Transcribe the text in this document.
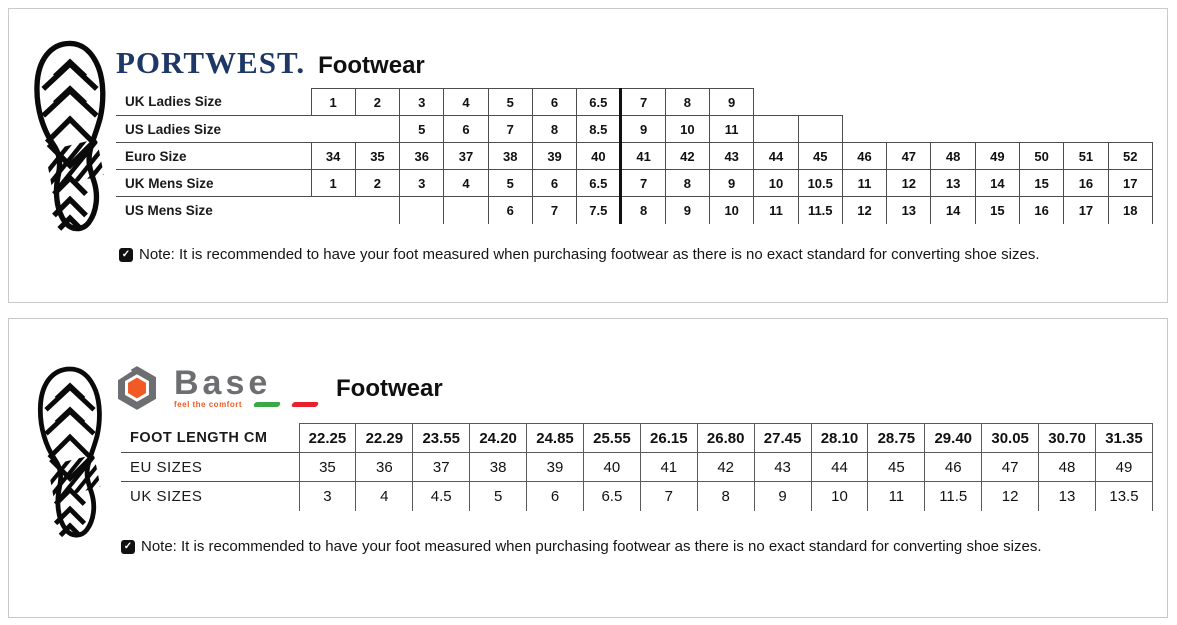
PORTWEST. Footwear
UK Ladies Size	1	2	3	4	5	6	6.5	7	8	9									
US Ladies Size			5	6	7	8	8.5	9	10	11									
Euro Size	34	35	36	37	38	39	40	41	42	43	44	45	46	47	48	49	50	51	52
UK Mens Size	1	2	3	4	5	6	6.5	7	8	9	10	10.5	11	12	13	14	15	16	17
US Mens Size					6	7	7.5	8	9	10	11	11.5	12	13	14	15	16	17	18
✓ Note: It is recommended to have your foot measured when purchasing footwear as there is no exact standard for converting shoe sizes.
Base
feel the comfort
Footwear
FOOT LENGTH CM	22.25	22.29	23.55	24.20	24.85	25.55	26.15	26.80	27.45	28.10	28.75	29.40	30.05	30.70	31.35
EU SIZES	35	36	37	38	39	40	41	42	43	44	45	46	47	48	49
UK SIZES	3	4	4.5	5	6	6.5	7	8	9	10	11	11.5	12	13	13.5
✓ Note: It is recommended to have your foot measured when purchasing footwear as there is no exact standard for converting shoe sizes.
